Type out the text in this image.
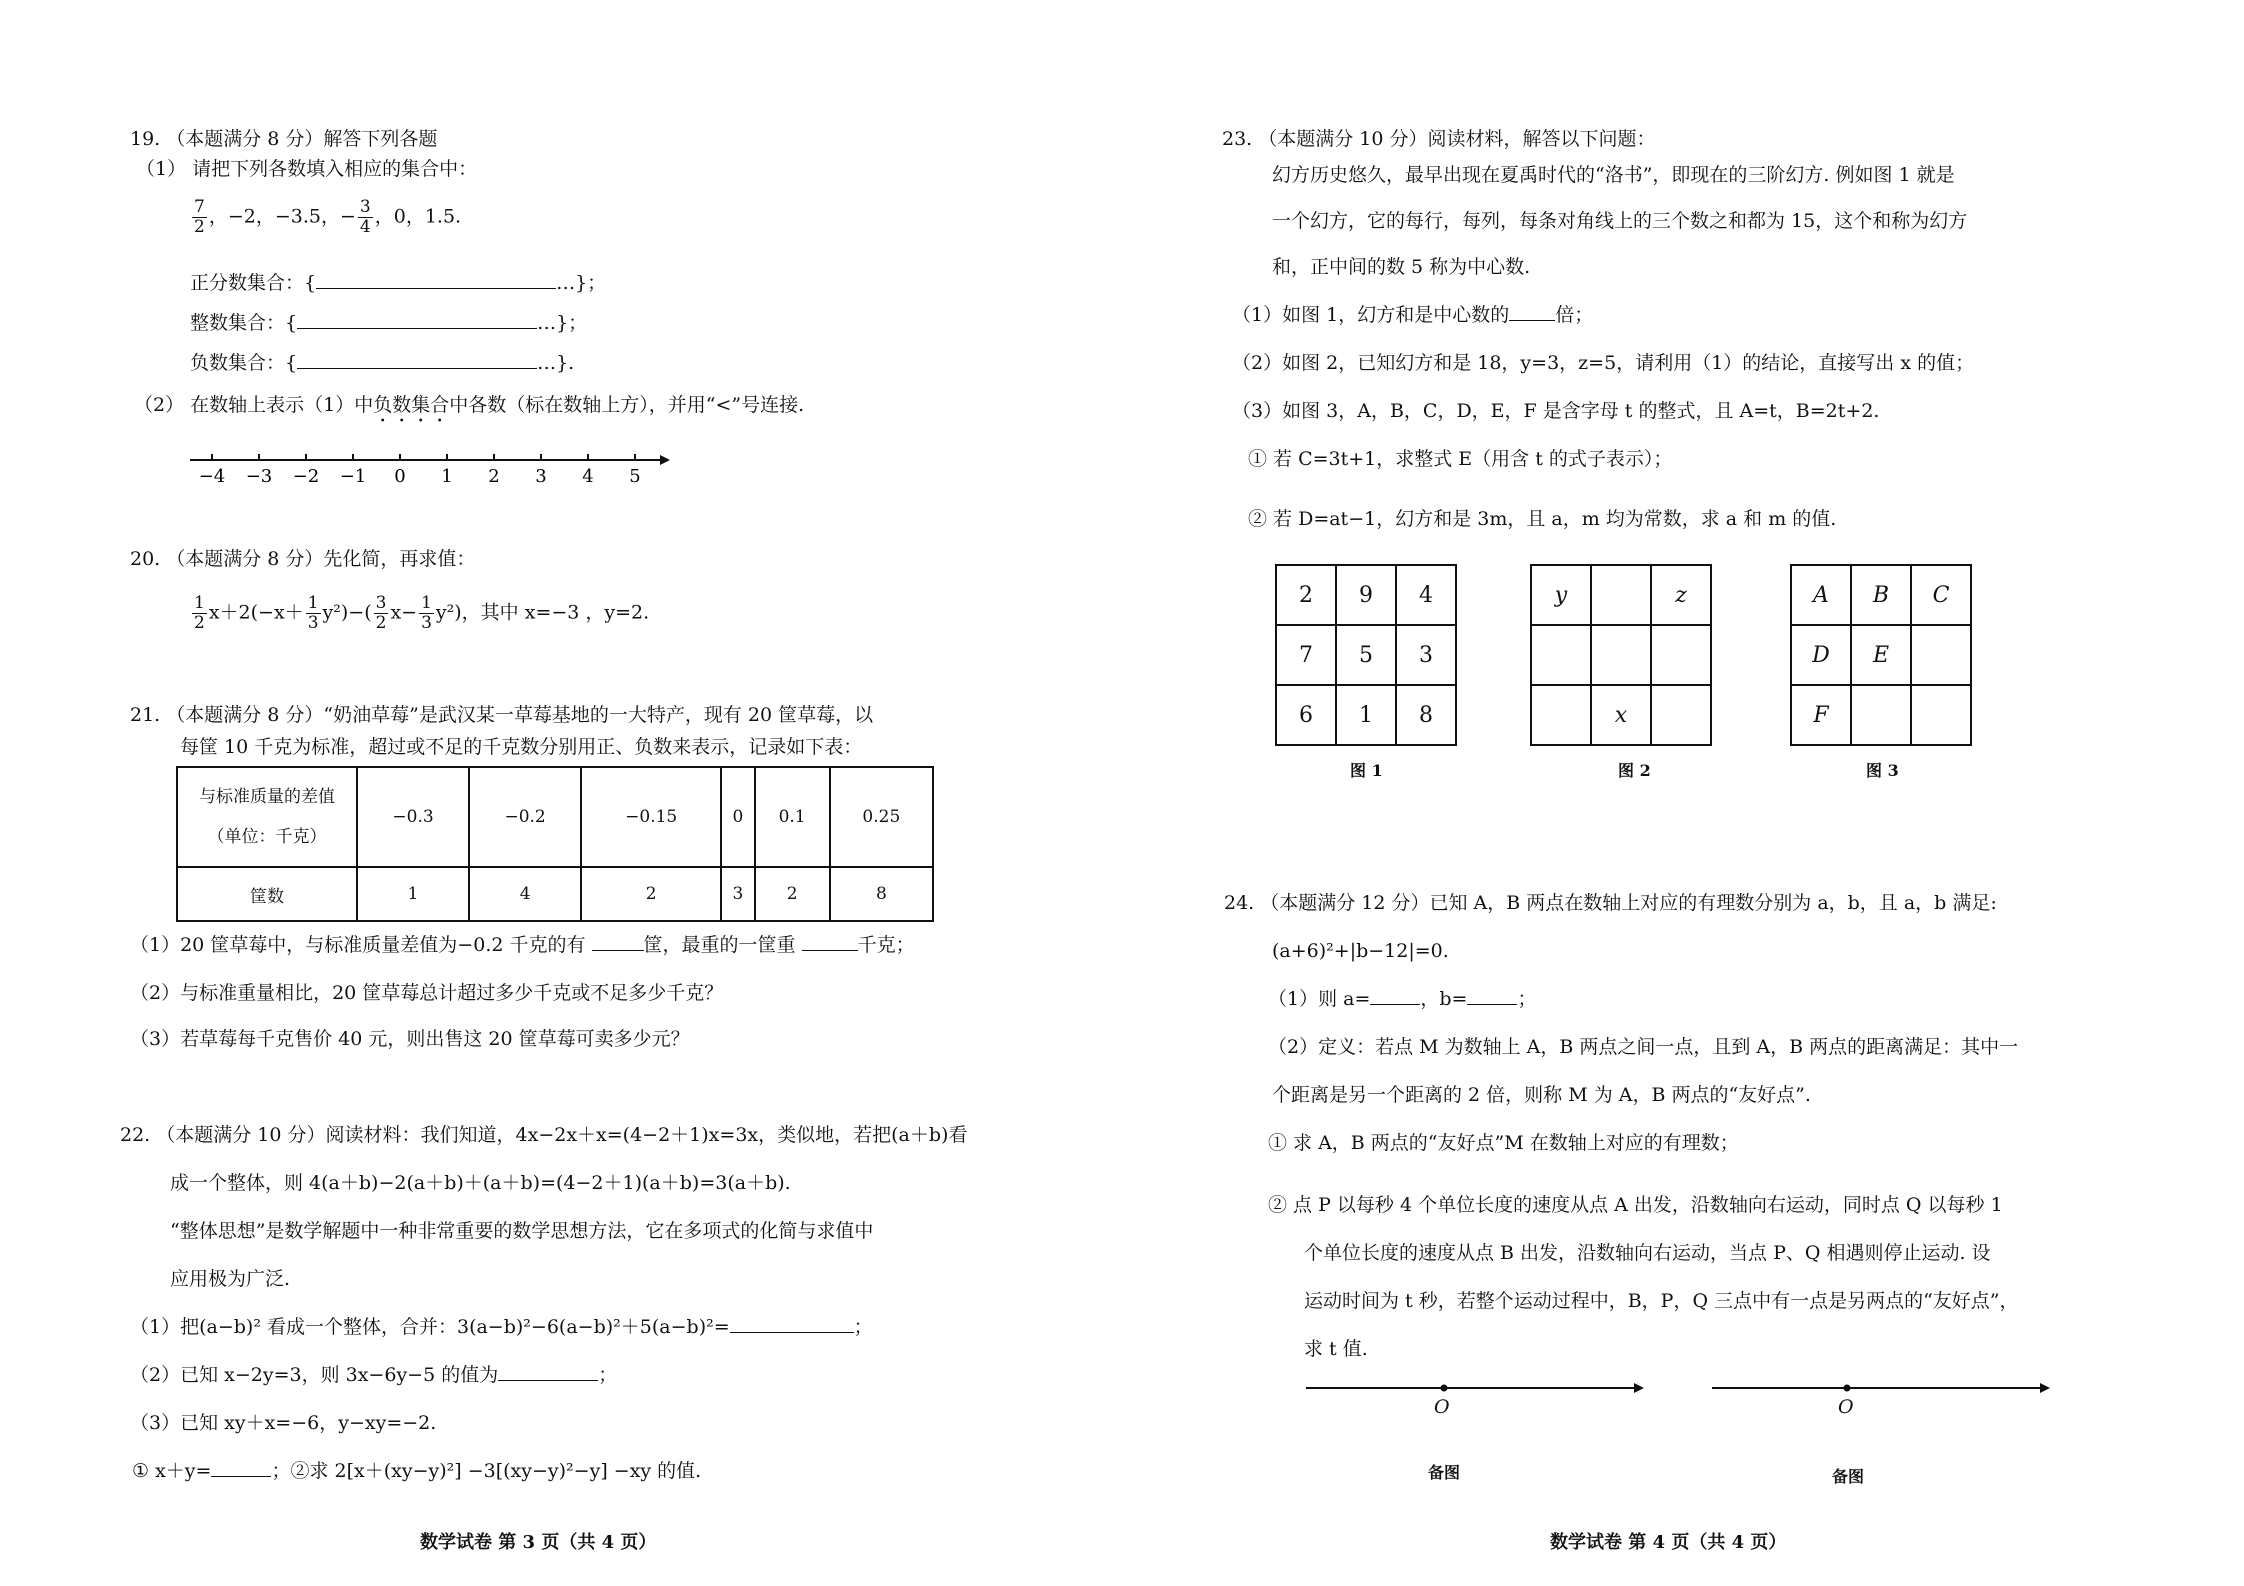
19. （本题满分 8 分）解答下列各题
（1） 请把下列各数填入相应的集合中：
$\frac{7}{2}$ ，−2，−3.5，− $\frac{3}{4}$ ，0，1.5.
正分数集合：{	…}；
整数集合：{	…}；
负数集合：{	…}.
（2） 在数轴上表示（1）中负数集合中各数（标在数轴上方），并用“<”号连接.
−4 −3 −2 −1 0 1 2 3 4 5
20. （本题满分 8 分）先化简，再求值：
$\frac{1}{2} x+2(-x+ \frac{1}{3} y^2)-( \frac{3}{2} x- \frac{1}{3} y^2)$，其中 x=−3 ，y=2.
21. （本题满分 8 分）“奶油草莓”是武汉某一草莓基地的一大特产，现有 20 筐草莓，以
每筐 10 千克为标准，超过或不足的千克数分别用正、负数来表示，记录如下表：
与标准质量的差值
（单位：千克）	−0.3	−0.2	−0.15	0	0.1	0.25
筐数	1	4	2	3	2	8
（1）20 筐草莓中，与标准质量差值为−0.2 千克的有	筐，最重的一筐重	千克；
（2）与标准重量相比，20 筐草莓总计超过多少千克或不足多少千克？
（3）若草莓每千克售价 40 元，则出售这 20 筐草莓可卖多少元？
22. （本题满分 10 分）阅读材料：我们知道，4x−2x＋x=(4−2＋1)x=3x，类似地，若把(a＋b)看
成一个整体，则 4(a＋b)−2(a＋b)＋(a＋b)=(4−2＋1)(a＋b)=3(a＋b).
“整体思想”是数学解题中一种非常重要的数学思想方法，它在多项式的化简与求值中
应用极为广泛.
（1）把(a−b)² 看成一个整体，合并：3(a−b)²−6(a−b)²＋5(a−b)²=	；
（2）已知 x−2y=3，则 3x−6y−5 的值为	；
（3）已知 xy＋x=−6，y−xy=−2.
① x＋y=	；②求 2[x＋(xy−y)²] −3[(xy−y)²−y] −xy 的值.
数学试卷 第 3 页（共 4 页）
23. （本题满分 10 分）阅读材料，解答以下问题：
幻方历史悠久，最早出现在夏禹时代的“洛书”，即现在的三阶幻方. 例如图 1 就是
一个幻方，它的每行，每列，每条对角线上的三个数之和都为 15，这个和称为幻方
和，正中间的数 5 称为中心数.
（1）如图 1，幻方和是中心数的 倍；
（2）如图 2，已知幻方和是 18，y=3，z=5，请利用（1）的结论，直接写出 x 的值；
（3）如图 3，A，B，C，D，E，F 是含字母 t 的整式，且 A=t，B=2t+2.
① 若 C=3t+1，求整式 E（用含 t 的式子表示）；
② 若 D=at−1，幻方和是 3m，且 a，m 均为常数，求 a 和 m 的值.
2	9	4
7	5	3
6	1	8
y		z

	x	
A	B	C
D	E	
F		
图 1	图 2	图 3
24. （本题满分 12 分）已知 A，B 两点在数轴上对应的有理数分别为 a，b，且 a，b 满足:
(a+6)²+|b−12|=0.
（1）则 a=	，b=	；
（2）定义：若点 M 为数轴上 A，B 两点之间一点，且到 A，B 两点的距离满足：其中一
个距离是另一个距离的 2 倍，则称 M 为 A，B 两点的“友好点”.
① 求 A，B 两点的“友好点”M 在数轴上对应的有理数；
② 点 P 以每秒 4 个单位长度的速度从点 A 出发，沿数轴向右运动，同时点 Q 以每秒 1
个单位长度的速度从点 B 出发，沿数轴向右运动，当点 P、Q 相遇则停止运动. 设
运动时间为 t 秒，若整个运动过程中，B，P，Q 三点中有一点是另两点的“友好点”，
求 t 值.
O	O
备图	备图
数学试卷 第 4 页（共 4 页）
